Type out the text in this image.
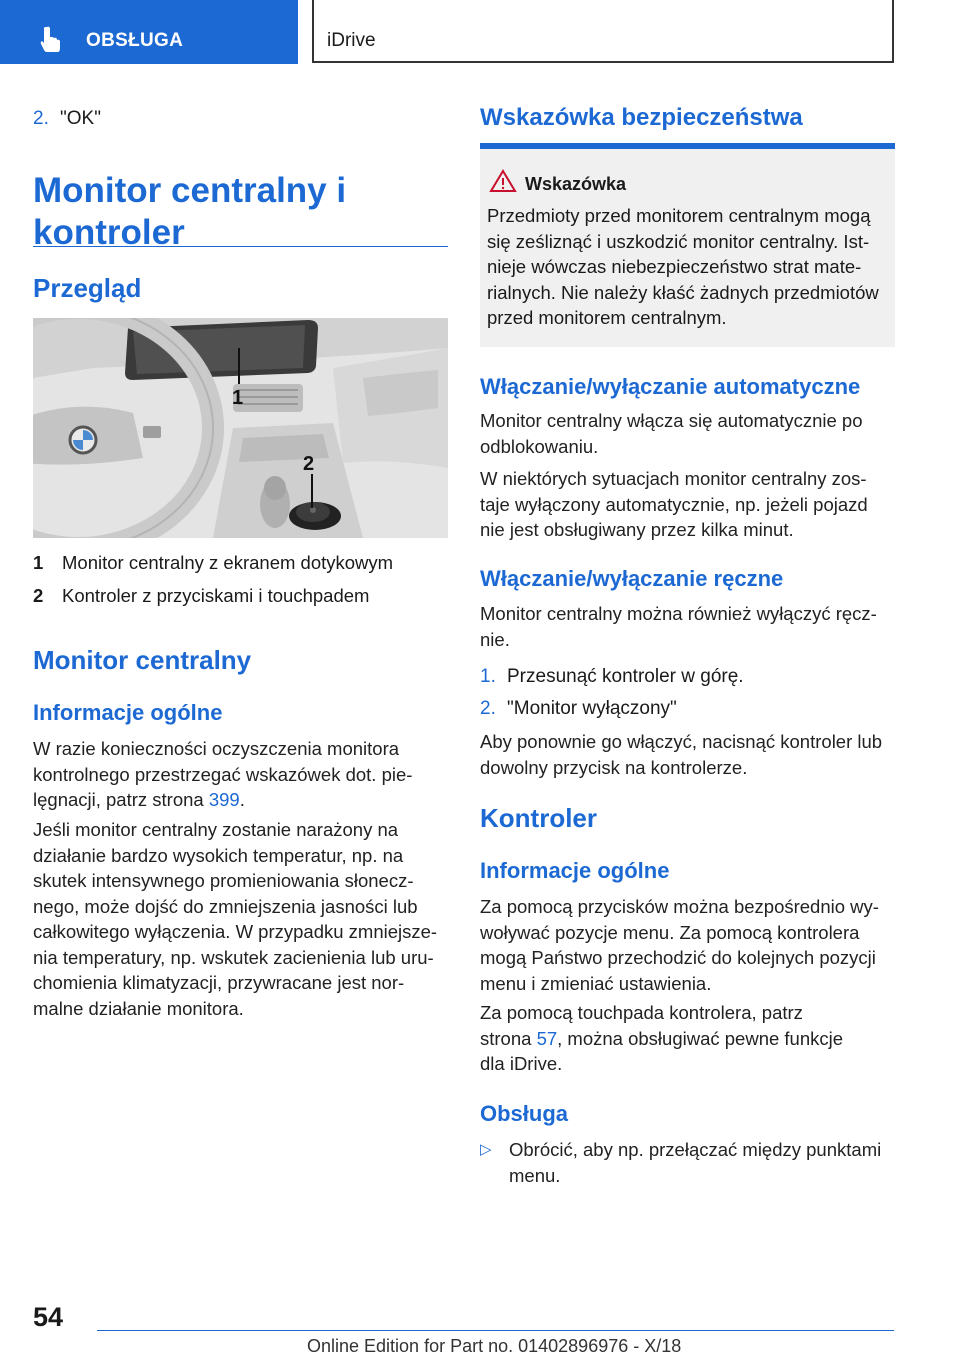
OBSŁUGA	iDrive
2. "OK"
Monitor centralny i
kontroler
Przegląd
1
2
1 Monitor centralny z ekranem dotykowym
2 Kontroler z przyciskami i touchpadem
Monitor centralny
Informacje ogólne

W razie konieczności oczyszczenia monitora
kontrolnego przestrzegać wskazówek dot. pie-
lęgnacji, patrz strona 399.

Jeśli monitor centralny zostanie narażony na
działanie bardzo wysokich temperatur, np. na
skutek intensywnego promieniowania słonecz-
nego, może dojść do zmniejszenia jasności lub
całkowitego wyłączenia. W przypadku zmniejsze-
nia temperatury, np. wskutek zacienienia lub uru-
chomienia klimatyzacji, przywracane jest nor-
malne działanie monitora.

Wskazówka bezpieczeństwa
Wskazówka

Przedmioty przed monitorem centralnym mogą
się ześliznąć i uszkodzić monitor centralny. Ist-
nieje wówczas niebezpieczeństwo strat mate-
rialnych. Nie należy kłaść żadnych przedmiotów
przed monitorem centralnym.

Włączanie/wyłączanie automatyczne

Monitor centralny włącza się automatycznie po
odblokowaniu.

W niektórych sytuacjach monitor centralny zos-
taje wyłączony automatycznie, np. jeżeli pojazd
nie jest obsługiwany przez kilka minut.

Włączanie/wyłączanie ręczne

Monitor centralny można również wyłączyć ręcz-
nie.

1. Przesunąć kontroler w górę.
2. "Monitor wyłączony"

Aby ponownie go włączyć, nacisnąć kontroler lub
dowolny przycisk na kontrolerze.

Kontroler
Informacje ogólne

Za pomocą przycisków można bezpośrednio wy-
woływać pozycje menu. Za pomocą kontrolera
mogą Państwo przechodzić do kolejnych pozycji
menu i zmieniać ustawienia.

Za pomocą touchpada kontrolera, patrz
strona 57, można obsługiwać pewne funkcje
dla iDrive.

Obsługa
▷ Obrócić, aby np. przełączać między punktami
menu.
54
Online Edition for Part no. 01402896976 - X/18
